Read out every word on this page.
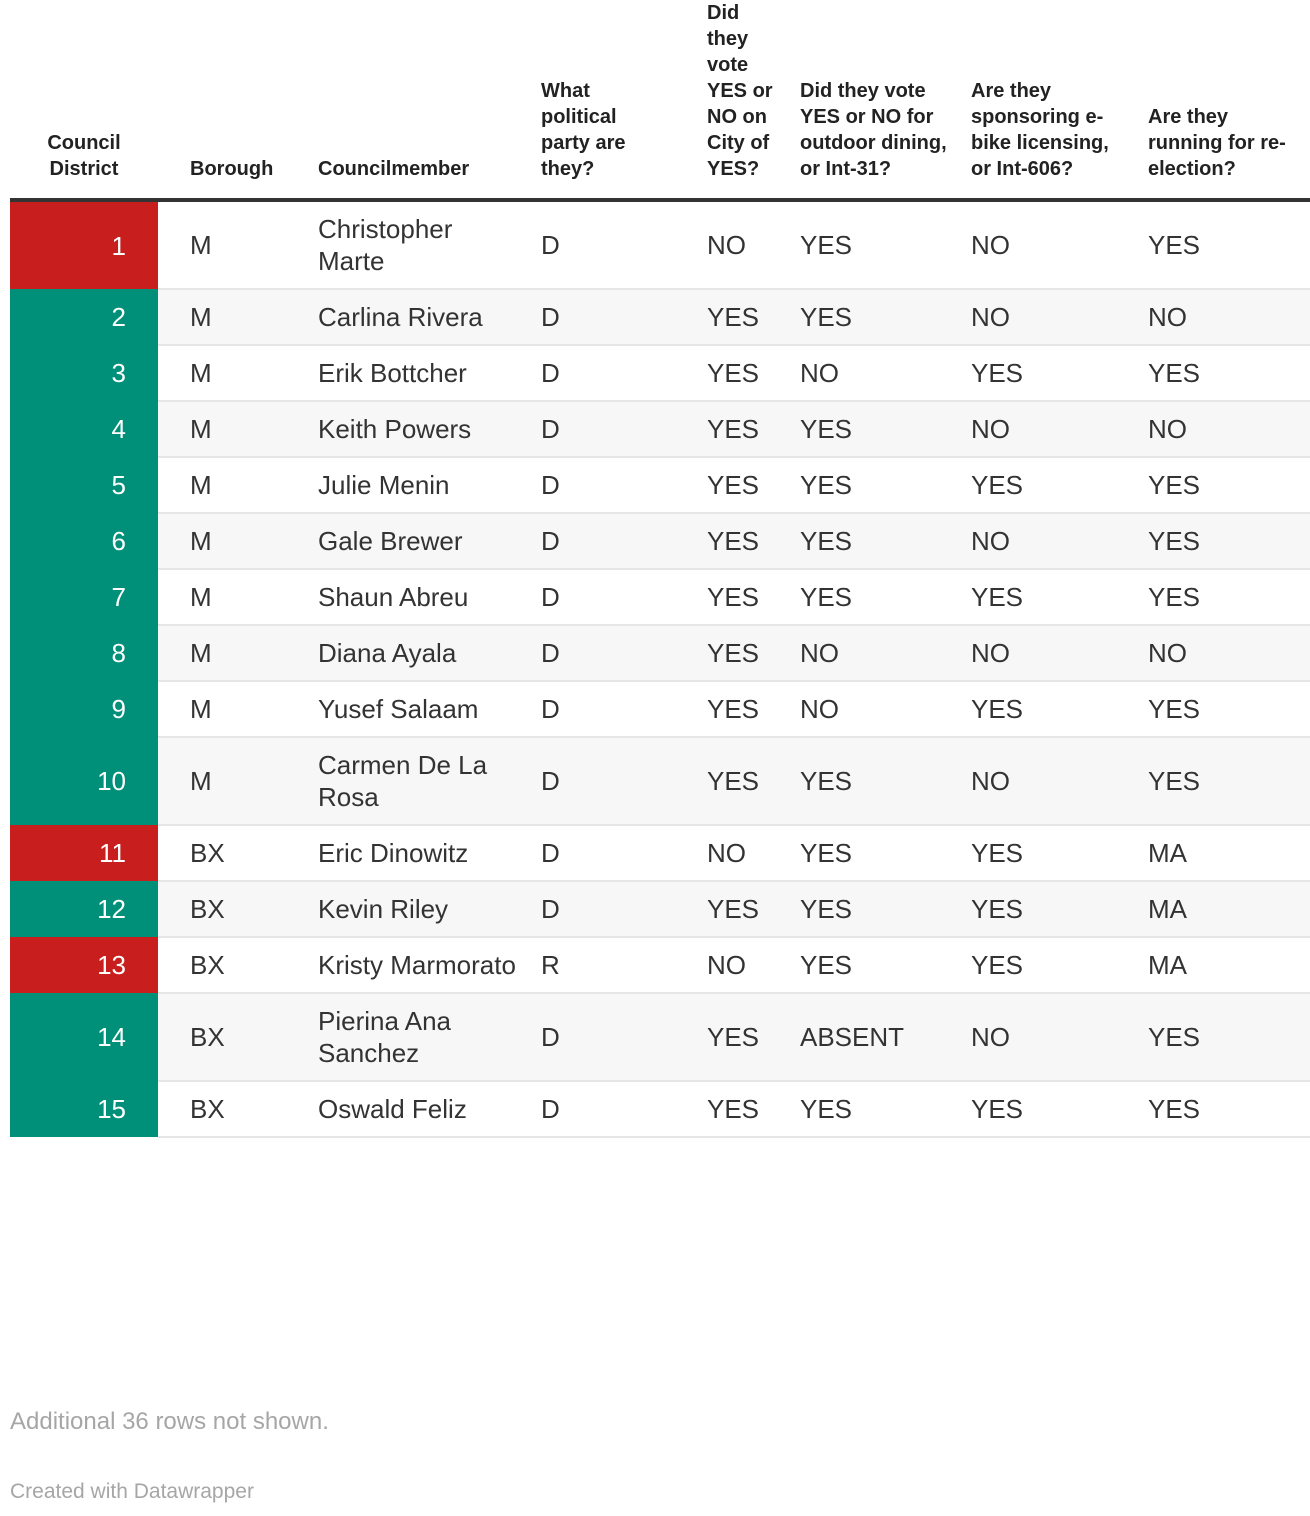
Council District	Borough	Councilmember	What political party are they?	Did they vote YES or NO on City of YES?	Did they vote YES or NO for outdoor dining, or Int-31?	Are they sponsoring e-bike licensing, or Int-606?	Are they running for re-election?
1	M	Christopher Marte	D	NO	YES	NO	YES
2	M	Carlina Rivera	D	YES	YES	NO	NO
3	M	Erik Bottcher	D	YES	NO	YES	YES
4	M	Keith Powers	D	YES	YES	NO	NO
5	M	Julie Menin	D	YES	YES	YES	YES
6	M	Gale Brewer	D	YES	YES	NO	YES
7	M	Shaun Abreu	D	YES	YES	YES	YES
8	M	Diana Ayala	D	YES	NO	NO	NO
9	M	Yusef Salaam	D	YES	NO	YES	YES
10	M	Carmen De La Rosa	D	YES	YES	NO	YES
11	BX	Eric Dinowitz	D	NO	YES	YES	MA
12	BX	Kevin Riley	D	YES	YES	YES	MA
13	BX	Kristy Marmorato	R	NO	YES	YES	MA
14	BX	Pierina Ana Sanchez	D	YES	ABSENT	NO	YES
15	BX	Oswald Feliz	D	YES	YES	YES	YES
Additional 36 rows not shown.
Created with Datawrapper
